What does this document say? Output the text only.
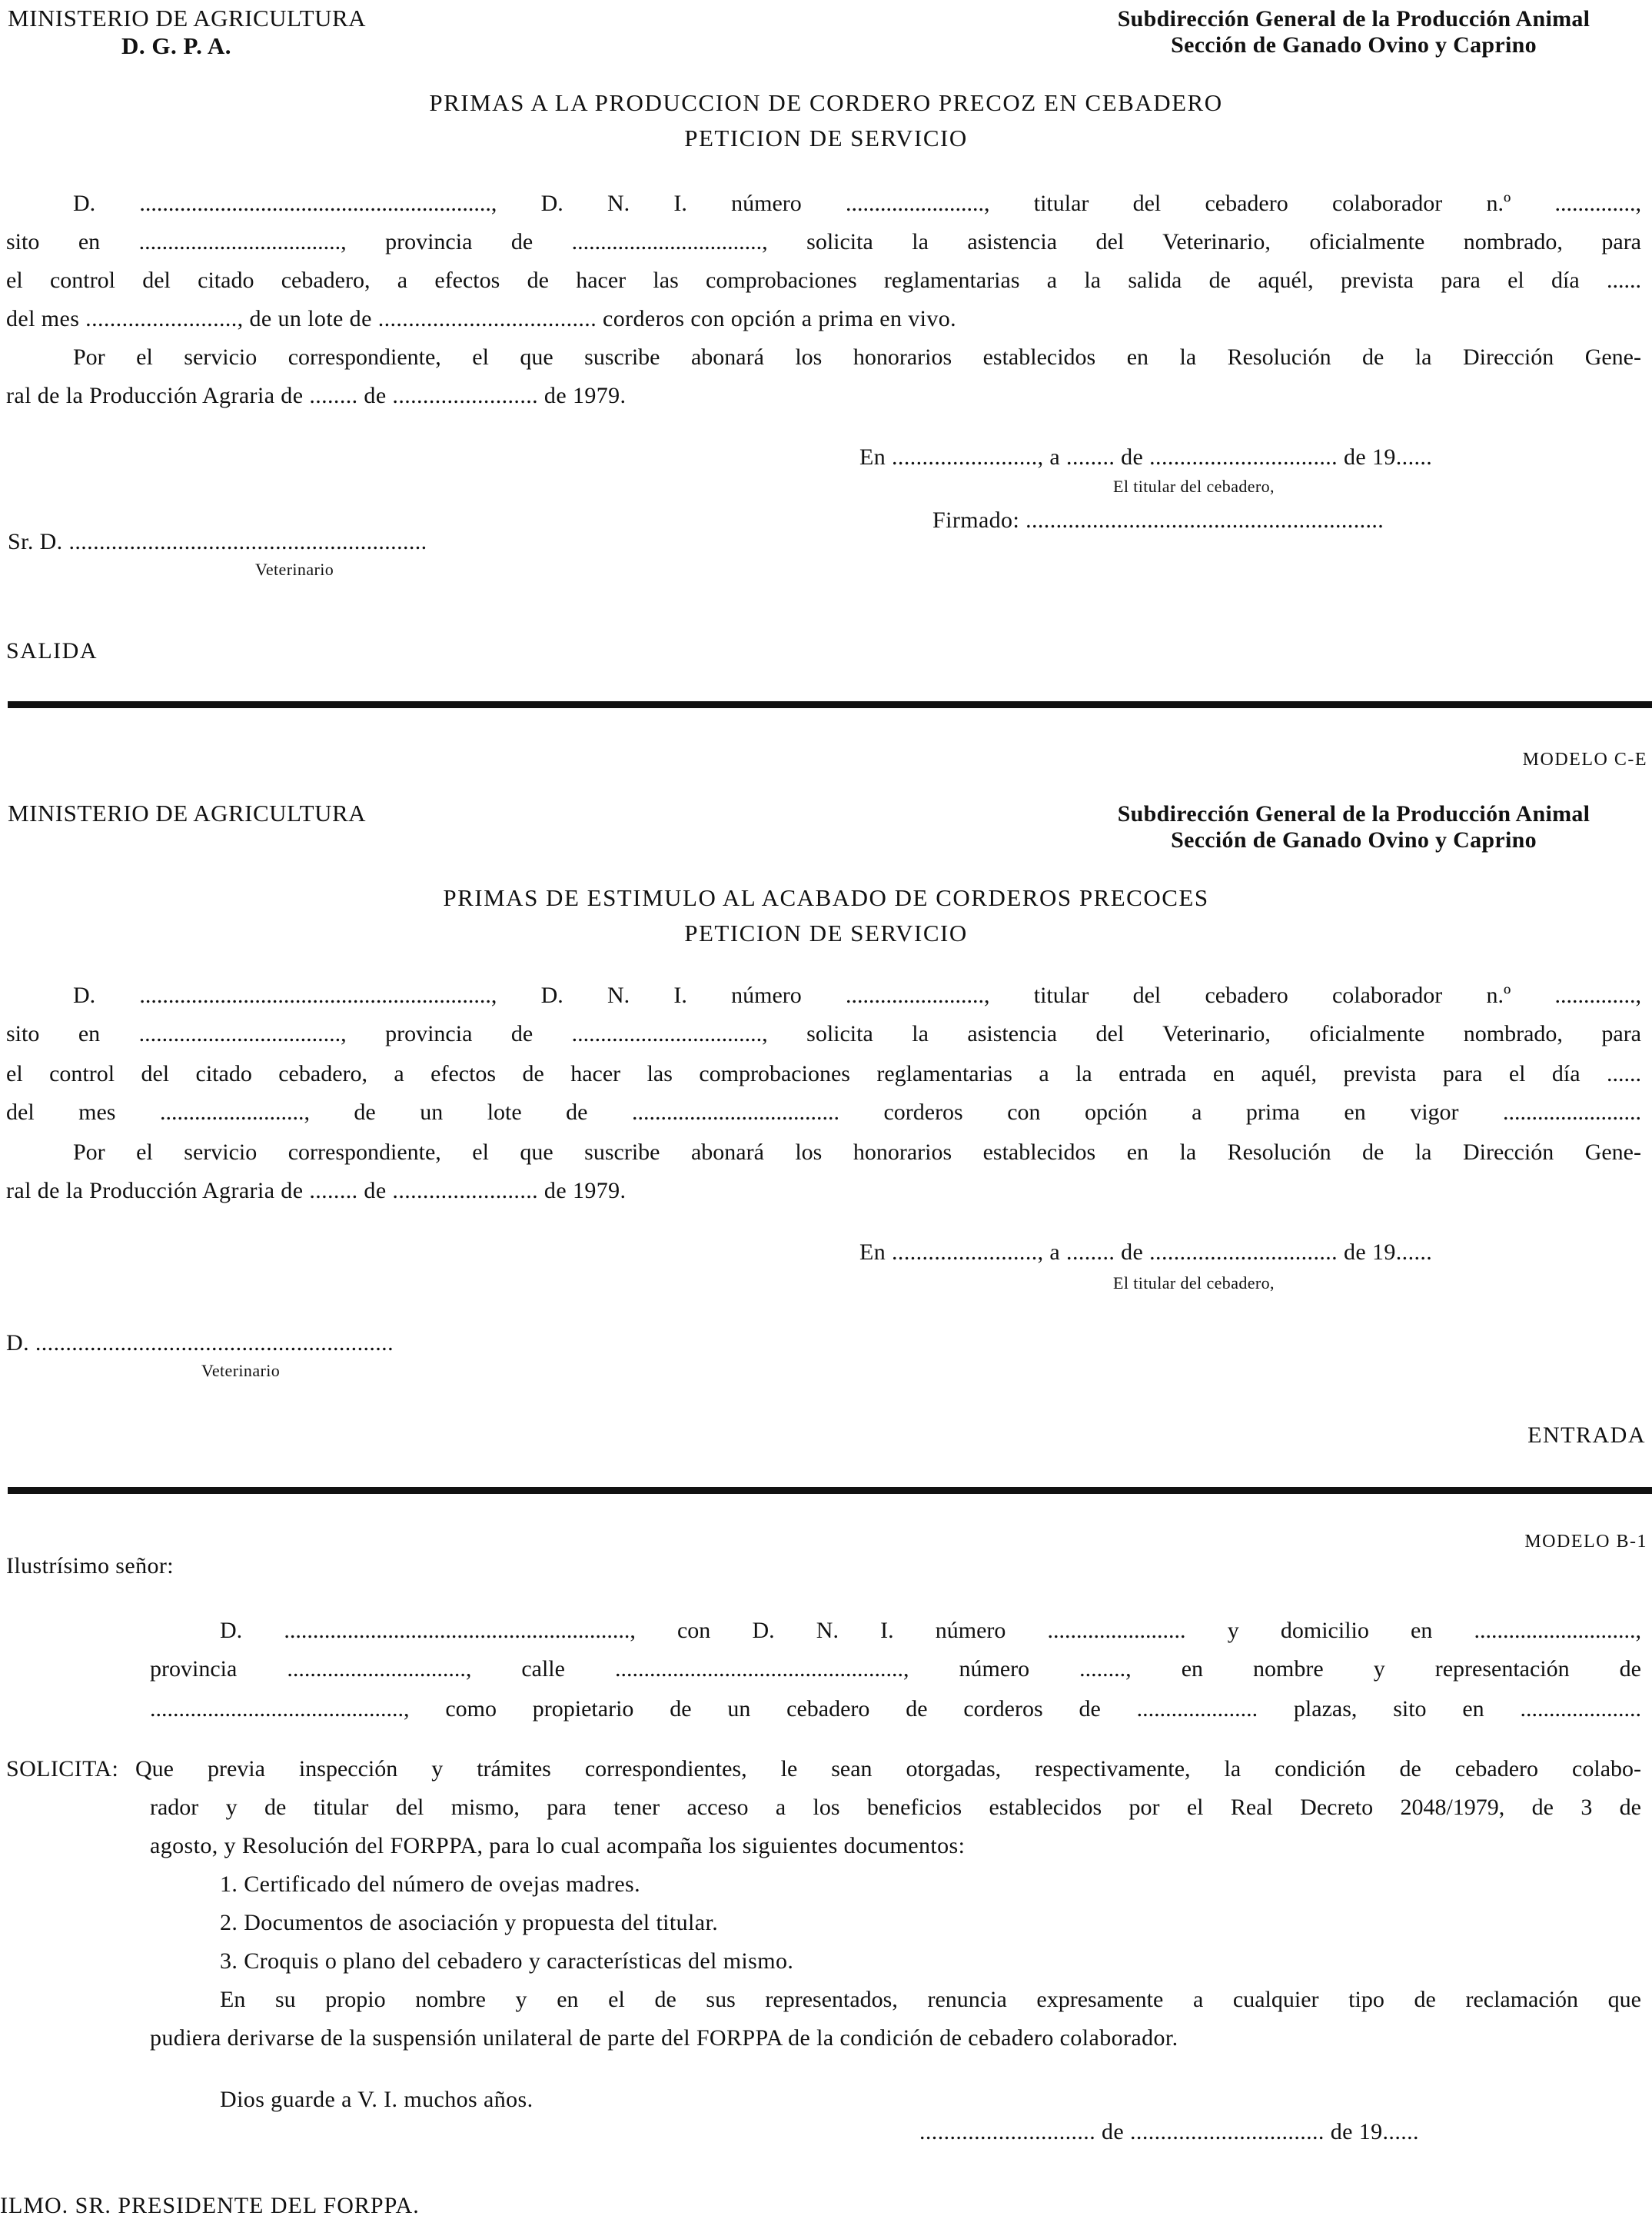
MINISTERIO DE AGRICULTURA
D. G. P. A.
Subdirección General de la Producción Animal
Sección de Ganado Ovino y Caprino
PRIMAS A LA PRODUCCION DE CORDERO PRECOZ EN CEBADERO
PETICION DE SERVICIO
D. ............................................................., D. N. I. número ........................, titular del cebadero colaborador n.º ..............,
sito en ..................................., provincia de ................................., solicita la asistencia del Veterinario, oficialmente nombrado, para
el control del citado cebadero, a efectos de hacer las comprobaciones reglamentarias a la salida de aquél, prevista para el día ......
del mes ........................., de un lote de .................................... corderos con opción a prima en vivo.
Por el servicio correspondiente, el que suscribe abonará los honorarios establecidos en la Resolución de la Dirección Gene-
ral de la Producción Agraria de ........ de ........................ de 1979.
En ........................, a ........ de ............................... de 19......
El titular del cebadero,
Firmado: ...........................................................
Sr. D. ...........................................................
Veterinario
SALIDA
MODELO C-E
MINISTERIO DE AGRICULTURA	Subdirección General de la Producción Animal
Sección de Ganado Ovino y Caprino
PRIMAS DE ESTIMULO AL ACABADO DE CORDEROS PRECOCES
PETICION DE SERVICIO
D. ............................................................., D. N. I. número ........................, titular del cebadero colaborador n.º ..............,
sito en ..................................., provincia de ................................., solicita la asistencia del Veterinario, oficialmente nombrado, para
el control del citado cebadero, a efectos de hacer las comprobaciones reglamentarias a la entrada en aquél, prevista para el día ......
del mes ........................., de un lote de .................................... corderos con opción a prima en vigor ........................
Por el servicio correspondiente, el que suscribe abonará los honorarios establecidos en la Resolución de la Dirección Gene-
ral de la Producción Agraria de ........ de ........................ de 1979.
En ........................, a ........ de ............................... de 19......
El titular del cebadero,
D. ...........................................................
Veterinario
ENTRADA
MODELO B-1
Ilustrísimo señor:
D. ............................................................, con D. N. I. número ........................ y domicilio en ............................,
provincia ..............................., calle .................................................., número ........, en nombre y representación de
............................................, como propietario de un cebadero de corderos de ..................... plazas, sito en .....................
SOLICITA: Que previa inspección y trámites correspondientes, le sean otorgadas, respectivamente, la condición de cebadero colabo-
rador y de titular del mismo, para tener acceso a los beneficios establecidos por el Real Decreto 2048/1979, de 3 de
agosto, y Resolución del FORPPA, para lo cual acompaña los siguientes documentos:
1. Certificado del número de ovejas madres.
2. Documentos de asociación y propuesta del titular.
3. Croquis o plano del cebadero y características del mismo.
En su propio nombre y en el de sus representados, renuncia expresamente a cualquier tipo de reclamación que
pudiera derivarse de la suspensión unilateral de parte del FORPPA de la condición de cebadero colaborador.
Dios guarde a V. I. muchos años.
............................. de ................................ de 19......
ILMO. SR. PRESIDENTE DEL FORPPA.
